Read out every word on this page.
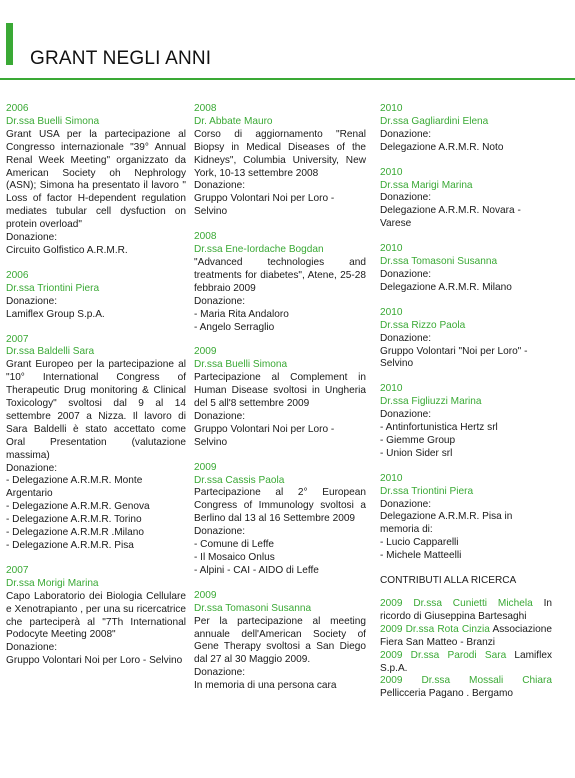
GRANT NEGLI ANNI
2006
Dr.ssa Buelli Simona
Grant USA per la partecipazione al Congresso internazionale "39° Annual Renal Week Meeting" organizzato da American Society oh Nephrology (ASN); Simona ha presentato il lavoro " Loss of factor H-dependent regulation mediates tubular cell dysfuction on protein overload"
Donazione:
Circuito Golfistico A.R.M.R.
2006
Dr.ssa Triontini Piera
Donazione:
Lamiflex Group S.p.A.
2007
Dr.ssa Baldelli Sara
Grant Europeo per la partecipazione al "10° International Congress of Therapeutic Drug monitoring & Clinical Toxicology" svoltosi dal 9 al 14 settembre 2007 a Nizza. Il lavoro di Sara Baldelli è stato accettato come Oral Presentation (valutazione massima)
Donazione:
- Delegazione A.R.M.R. Monte Argentario
- Delegazione A.R.M.R. Genova
- Delegazione A.R.M.R. Torino
- Delegazione A.R.M.R .Milano
- Delegazione A.R.M.R. Pisa
2007
Dr.ssa Morigi Marina
Capo Laboratorio dei Biologia Cellulare e Xenotrapianto , per una su ricercatrice che parteciperà al "7Th International Podocyte Meeting 2008"
Donazione:
Gruppo Volontari Noi per Loro - Selvino
2008
Dr. Abbate Mauro
Corso di aggiornamento "Renal Biopsy in Medical Diseases of the Kidneys", Columbia University, New York, 10-13 settembre 2008
Donazione:
Gruppo Volontari Noi per Loro - Selvino
2008
Dr.ssa Ene-Iordache Bogdan
"Advanced technologies and treatments for diabetes", Atene, 25-28 febbraio 2009
Donazione:
- Maria Rita Andaloro
- Angelo Serraglio
2009
Dr.ssa Buelli Simona
Partecipazione al Complement in Human Disease svoltosi in Ungheria del 5 all'8 settembre 2009
Donazione:
Gruppo Volontari Noi per Loro - Selvino
2009
Dr.ssa Cassis Paola
Partecipazione al 2° European Congress of Immunology svoltosi a Berlino dal 13 al 16 Settembre 2009
Donazione:
- Comune di Leffe
- Il Mosaico Onlus
- Alpini - CAI - AIDO di Leffe
2009
Dr.ssa Tomasoni Susanna
Per la partecipazione al meeting annuale dell'American Society of Gene Therapy svoltosi a San Diego dal 27 al 30 Maggio 2009.
Donazione:
In memoria di una persona cara
2010
Dr.ssa Gagliardini Elena
Donazione:
Delegazione A.R.M.R. Noto
2010
Dr.ssa Marigi Marina
Donazione:
Delegazione A.R.M.R. Novara - Varese
2010
Dr.ssa Tomasoni Susanna
Donazione:
Delegazione A.R.M.R. Milano
2010
Dr.ssa Rizzo Paola
Donazione:
Gruppo Volontari "Noi per Loro" - Selvino
2010
Dr.ssa Figliuzzi Marina
Donazione:
- Antinfortunistica Hertz srl
- Giemme Group
- Union Sider srl
2010
Dr.ssa Triontini Piera
Donazione:
Delegazione A.R.M.R. Pisa in memoria di:
- Lucio Capparelli
- Michele Matteelli
CONTRIBUTI ALLA RICERCA
2009 Dr.ssa Cunietti Michela In ricordo di Giuseppina Bartesaghi
2009 Dr.ssa Rota Cinzia Associazione Fiera San Matteo - Branzi
2009 Dr.ssa Parodi Sara Lamiflex S.p.A.
2009 Dr.ssa Mossali Chiara Pellicceria Pagano . Bergamo
